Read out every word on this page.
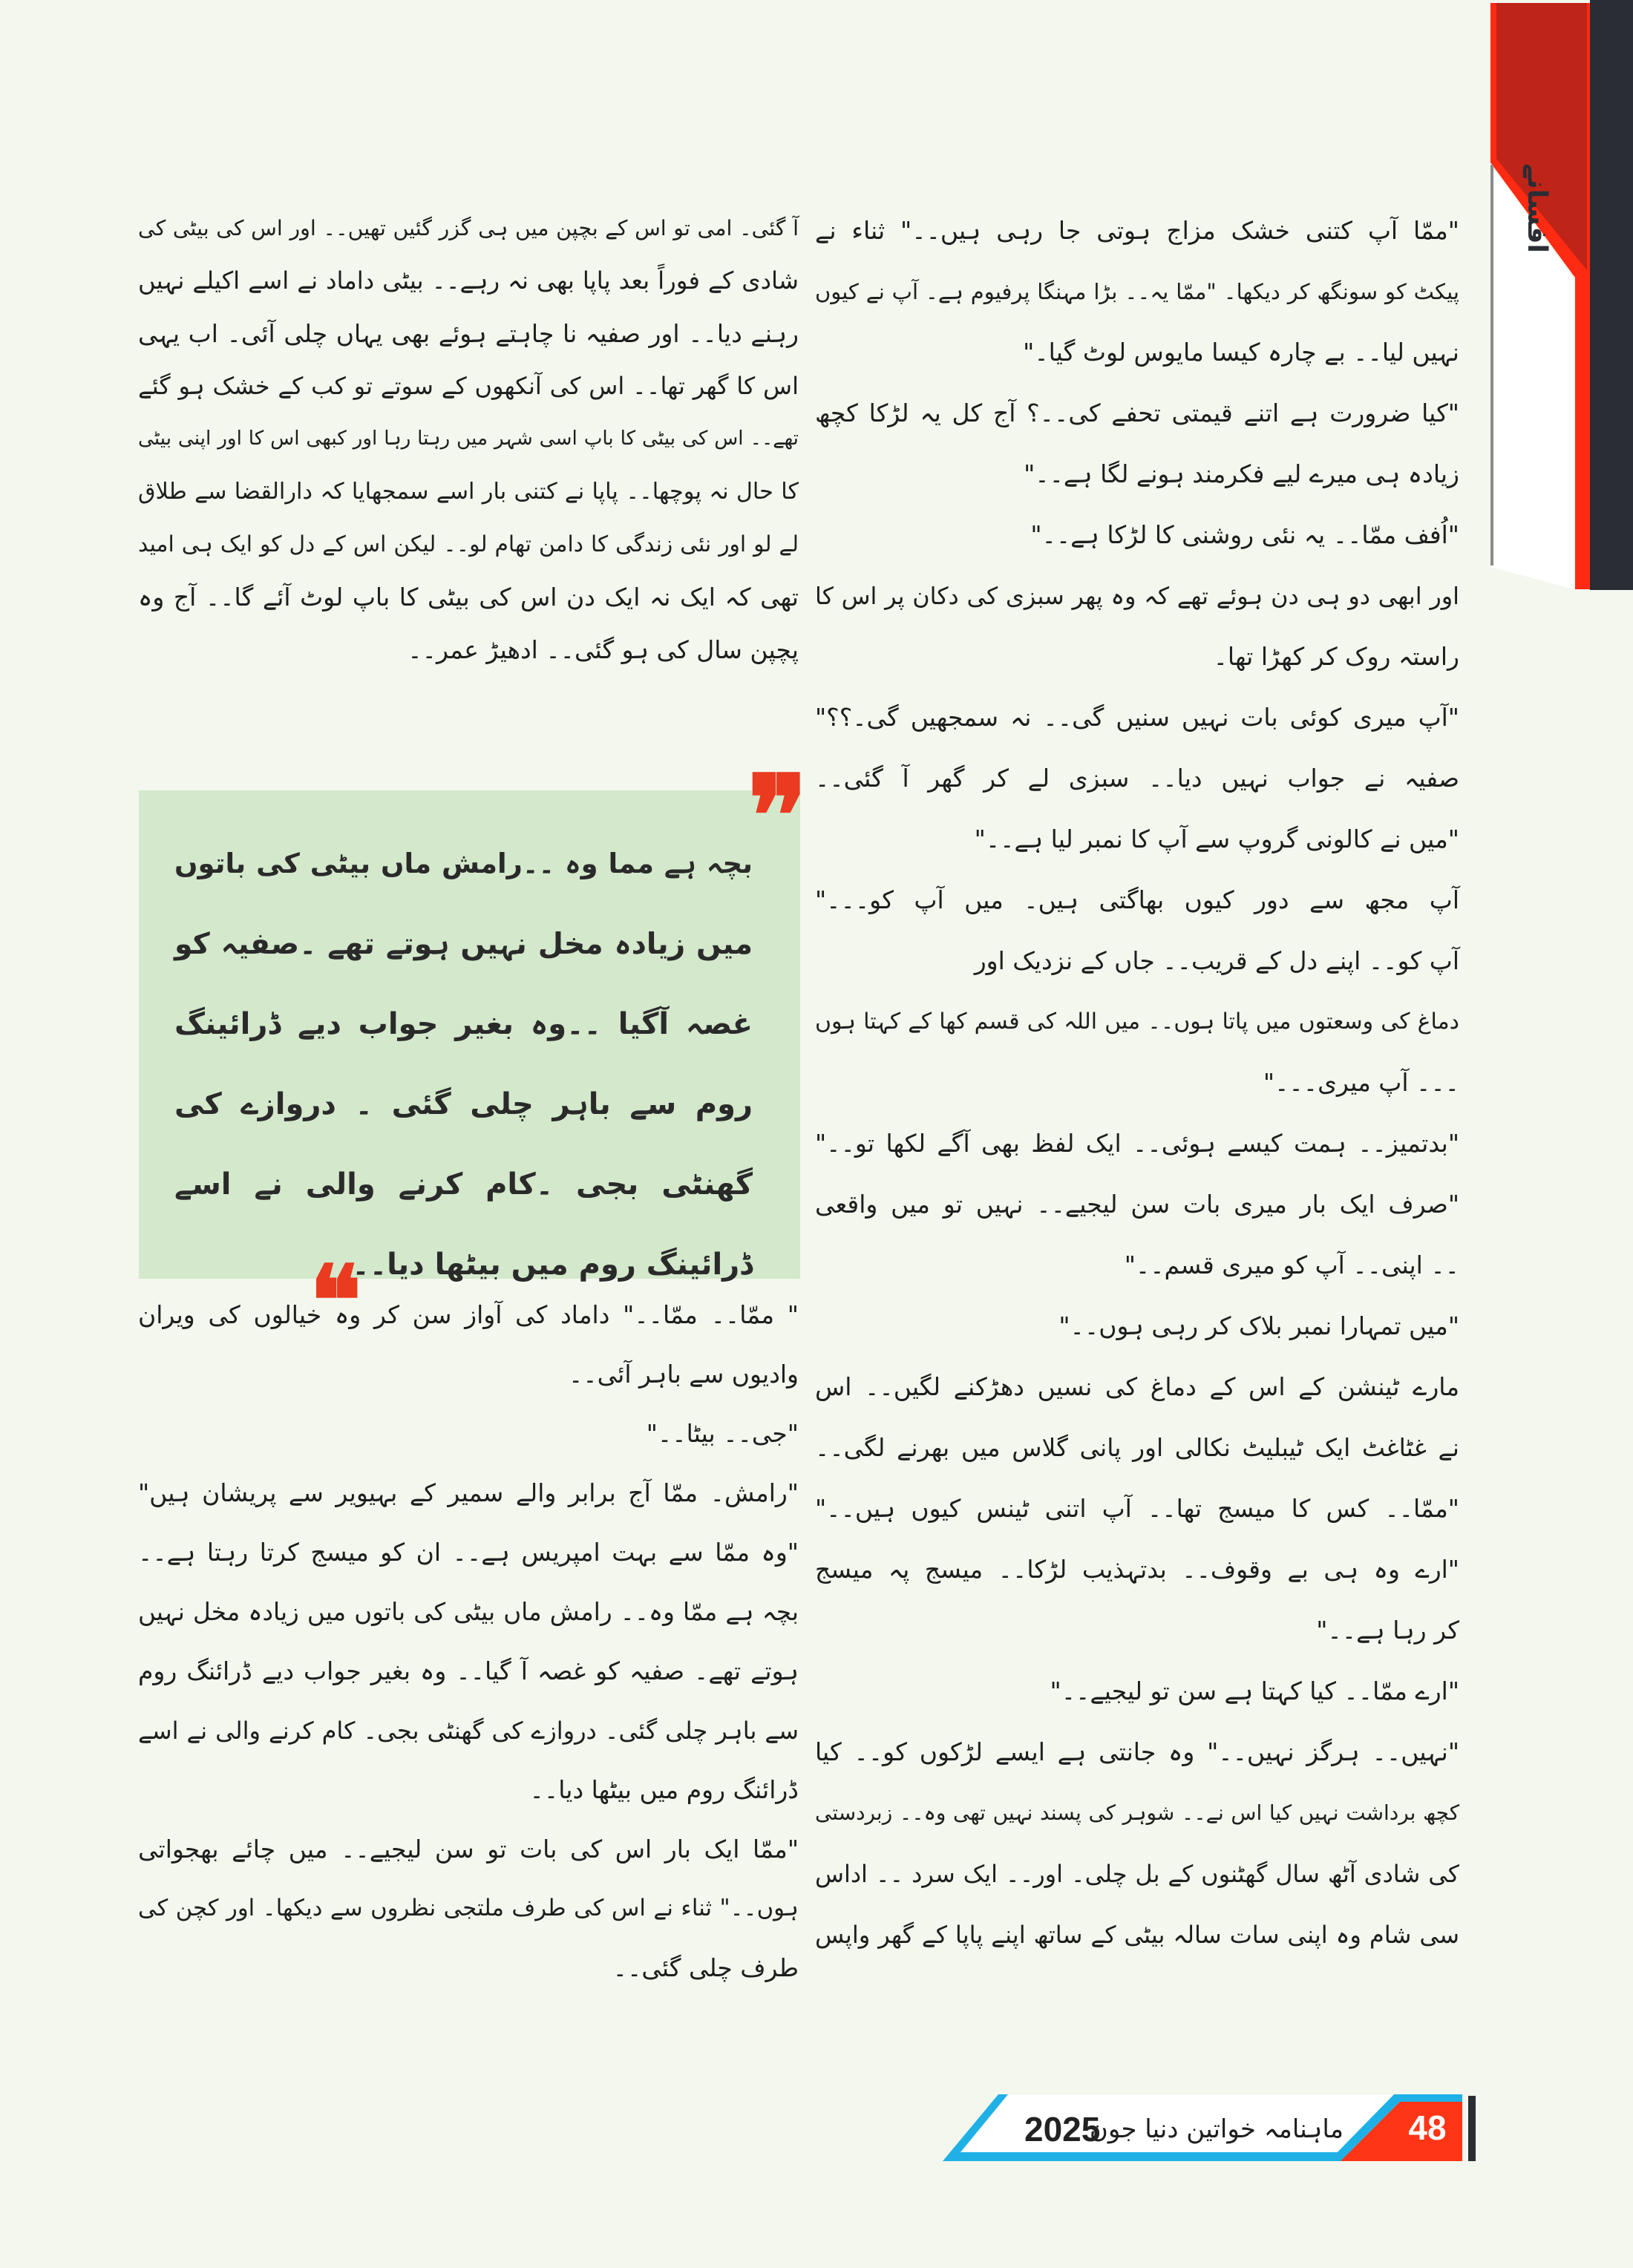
افسانے
"ممّا آپ کتنی خشک مزاج ہوتی جا رہی ہیں۔۔" ثناء نے
پیکٹ کو سونگھ کر دیکھا۔ "ممّا یہ۔۔ بڑا مہنگا پرفیوم ہے۔ آپ نے کیوں
نہیں لیا۔۔ بے چارہ کیسا مایوس لوٹ گیا۔"
"کیا ضرورت ہے اتنے قیمتی تحفے کی۔۔؟ آج کل یہ لڑکا کچھ
زیادہ ہی میرے لیے فکرمند ہونے لگا ہے۔۔"
"اُفف ممّا۔۔ یہ نئی روشنی کا لڑکا ہے۔۔"
اور ابھی دو ہی دن ہوئے تھے کہ وہ پھر سبزی کی دکان پر اس کا
راستہ روک کر کھڑا تھا۔
"آپ میری کوئی بات نہیں سنیں گی۔۔ نہ سمجھیں گی۔؟؟"
صفیہ نے جواب نہیں دیا۔۔ سبزی لے کر گھر آ گئی۔۔
"میں نے کالونی گروپ سے آپ کا نمبر لیا ہے۔۔"
آپ مجھ سے دور کیوں بھاگتی ہیں۔ میں آپ کو۔۔۔"
آپ کو۔۔ اپنے دل کے قریب۔۔ جاں کے نزدیک اور
دماغ کی وسعتوں میں پاتا ہوں۔۔ میں اللہ کی قسم کھا کے کہتا ہوں
۔۔۔ آپ میری۔۔۔"
"بدتمیز۔۔ ہمت کیسے ہوئی۔۔ ایک لفظ بھی آگے لکھا تو۔۔"
"صرف ایک بار میری بات سن لیجیے۔۔ نہیں تو میں واقعی
۔۔ اپنی۔۔ آپ کو میری قسم۔۔"
"میں تمہارا نمبر بلاک کر رہی ہوں۔۔"
مارے ٹینشن کے اس کے دماغ کی نسیں دھڑکنے لگیں۔۔ اس
نے غٹاغٹ ایک ٹیبلیٹ نکالی اور پانی گلاس میں بھرنے لگی۔۔
"ممّا۔۔ کس کا میسج تھا۔۔ آپ اتنی ٹینس کیوں ہیں۔۔"
"ارے وہ ہی بے وقوف۔۔ بدتہذیب لڑکا۔۔ میسج پہ میسج
کر رہا ہے۔۔"
"ارے ممّا۔۔ کیا کہتا ہے سن تو لیجیے۔۔"
"نہیں۔۔ ہرگز نہیں۔۔" وہ جانتی ہے ایسے لڑکوں کو۔۔ کیا
کچھ برداشت نہیں کیا اس نے۔۔ شوہر کی پسند نہیں تھی وہ۔۔ زبردستی
کی شادی آٹھ سال گھٹنوں کے بل چلی۔ اور۔۔ ایک سرد ۔۔ اداس
سی شام وہ اپنی سات سالہ بیٹی کے ساتھ اپنے پاپا کے گھر واپس
آ گئی۔ امی تو اس کے بچپن میں ہی گزر گئیں تھیں۔۔ اور اس کی بیٹی کی
شادی کے فوراً بعد پاپا بھی نہ رہے۔۔ بیٹی داماد نے اسے اکیلے نہیں
رہنے دیا۔۔ اور صفیہ نا چاہتے ہوئے بھی یہاں چلی آئی۔ اب یہی
اس کا گھر تھا۔۔ اس کی آنکھوں کے سوتے تو کب کے خشک ہو گئے
تھے۔۔ اس کی بیٹی کا باپ اسی شہر میں رہتا رہا اور کبھی اس کا اور اپنی بیٹی
کا حال نہ پوچھا۔۔ پاپا نے کتنی بار اسے سمجھایا کہ دارالقضا سے طلاق
لے لو اور نئی زندگی کا دامن تھام لو۔۔ لیکن اس کے دل کو ایک ہی امید
تھی کہ ایک نہ ایک دن اس کی بیٹی کا باپ لوٹ آئے گا۔۔ آج وہ
پچپن سال کی ہو گئی۔۔ ادھیڑ عمر۔۔
❞
بچہ ہے مما وہ ۔۔رامش ماں بیٹی کی باتوں
میں زیادہ مخل نہیں ہوتے تھے ۔صفیہ کو
غصہ آگیا ۔۔وہ بغیر جواب دیے ڈرائینگ
روم سے باہر چلی گئی ۔ دروازے کی
گھنٹی بجی ۔کام کرنے والی نے اسے
ڈرائینگ روم میں بیٹھا دیا۔۔
❝
" ممّا۔۔ ممّا۔۔" داماد کی آواز سن کر وہ خیالوں کی ویران
وادیوں سے باہر آئی۔۔
"جی۔۔ بیٹا۔۔"
"رامش۔ ممّا آج برابر والے سمیر کے بہیویر سے پریشان ہیں"
"وہ ممّا سے بہت امپریس ہے۔۔ ان کو میسج کرتا رہتا ہے۔۔
بچہ ہے ممّا وہ۔۔ رامش ماں بیٹی کی باتوں میں زیادہ مخل نہیں
ہوتے تھے۔ صفیہ کو غصہ آ گیا۔۔ وہ بغیر جواب دیے ڈرائنگ روم
سے باہر چلی گئی۔ دروازے کی گھنٹی بجی۔ کام کرنے والی نے اسے
ڈرائنگ روم میں بیٹھا دیا۔۔
"ممّا ایک بار اس کی بات تو سن لیجیے۔۔ میں چائے بھجواتی
ہوں۔۔" ثناء نے اس کی طرف ملتجی نظروں سے دیکھا۔ اور کچن کی
طرف چلی گئی۔۔
ماہنامہ خواتین دنیا جون
2025	48
